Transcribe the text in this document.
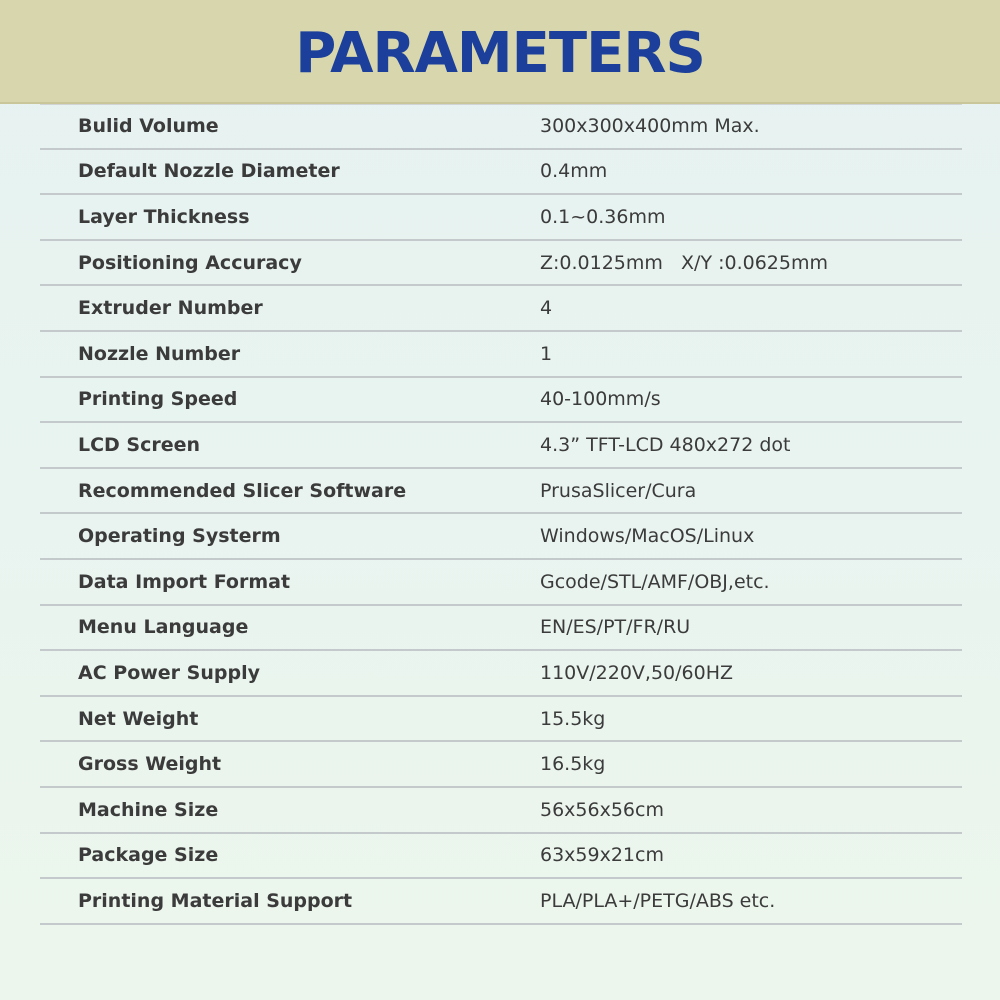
PARAMETERS
Bulid Volume	300x300x400mm Max.
Default Nozzle Diameter	0.4mm
Layer Thickness	0.1~0.36mm
Positioning Accuracy	Z:0.0125mm   X/Y :0.0625mm
Extruder Number	4
Nozzle Number	1
Printing Speed	40-100mm/s
LCD Screen	4.3” TFT-LCD 480x272 dot
Recommended Slicer Software	PrusaSlicer/Cura
Operating Systerm	Windows/MacOS/Linux
Data Import Format	Gcode/STL/AMF/OBJ,etc.
Menu Language	EN/ES/PT/FR/RU
AC Power Supply	110V/220V,50/60HZ
Net Weight	15.5kg
Gross Weight	16.5kg
Machine Size	56x56x56cm
Package Size	63x59x21cm
Printing Material Support	PLA/PLA+/PETG/ABS etc.
